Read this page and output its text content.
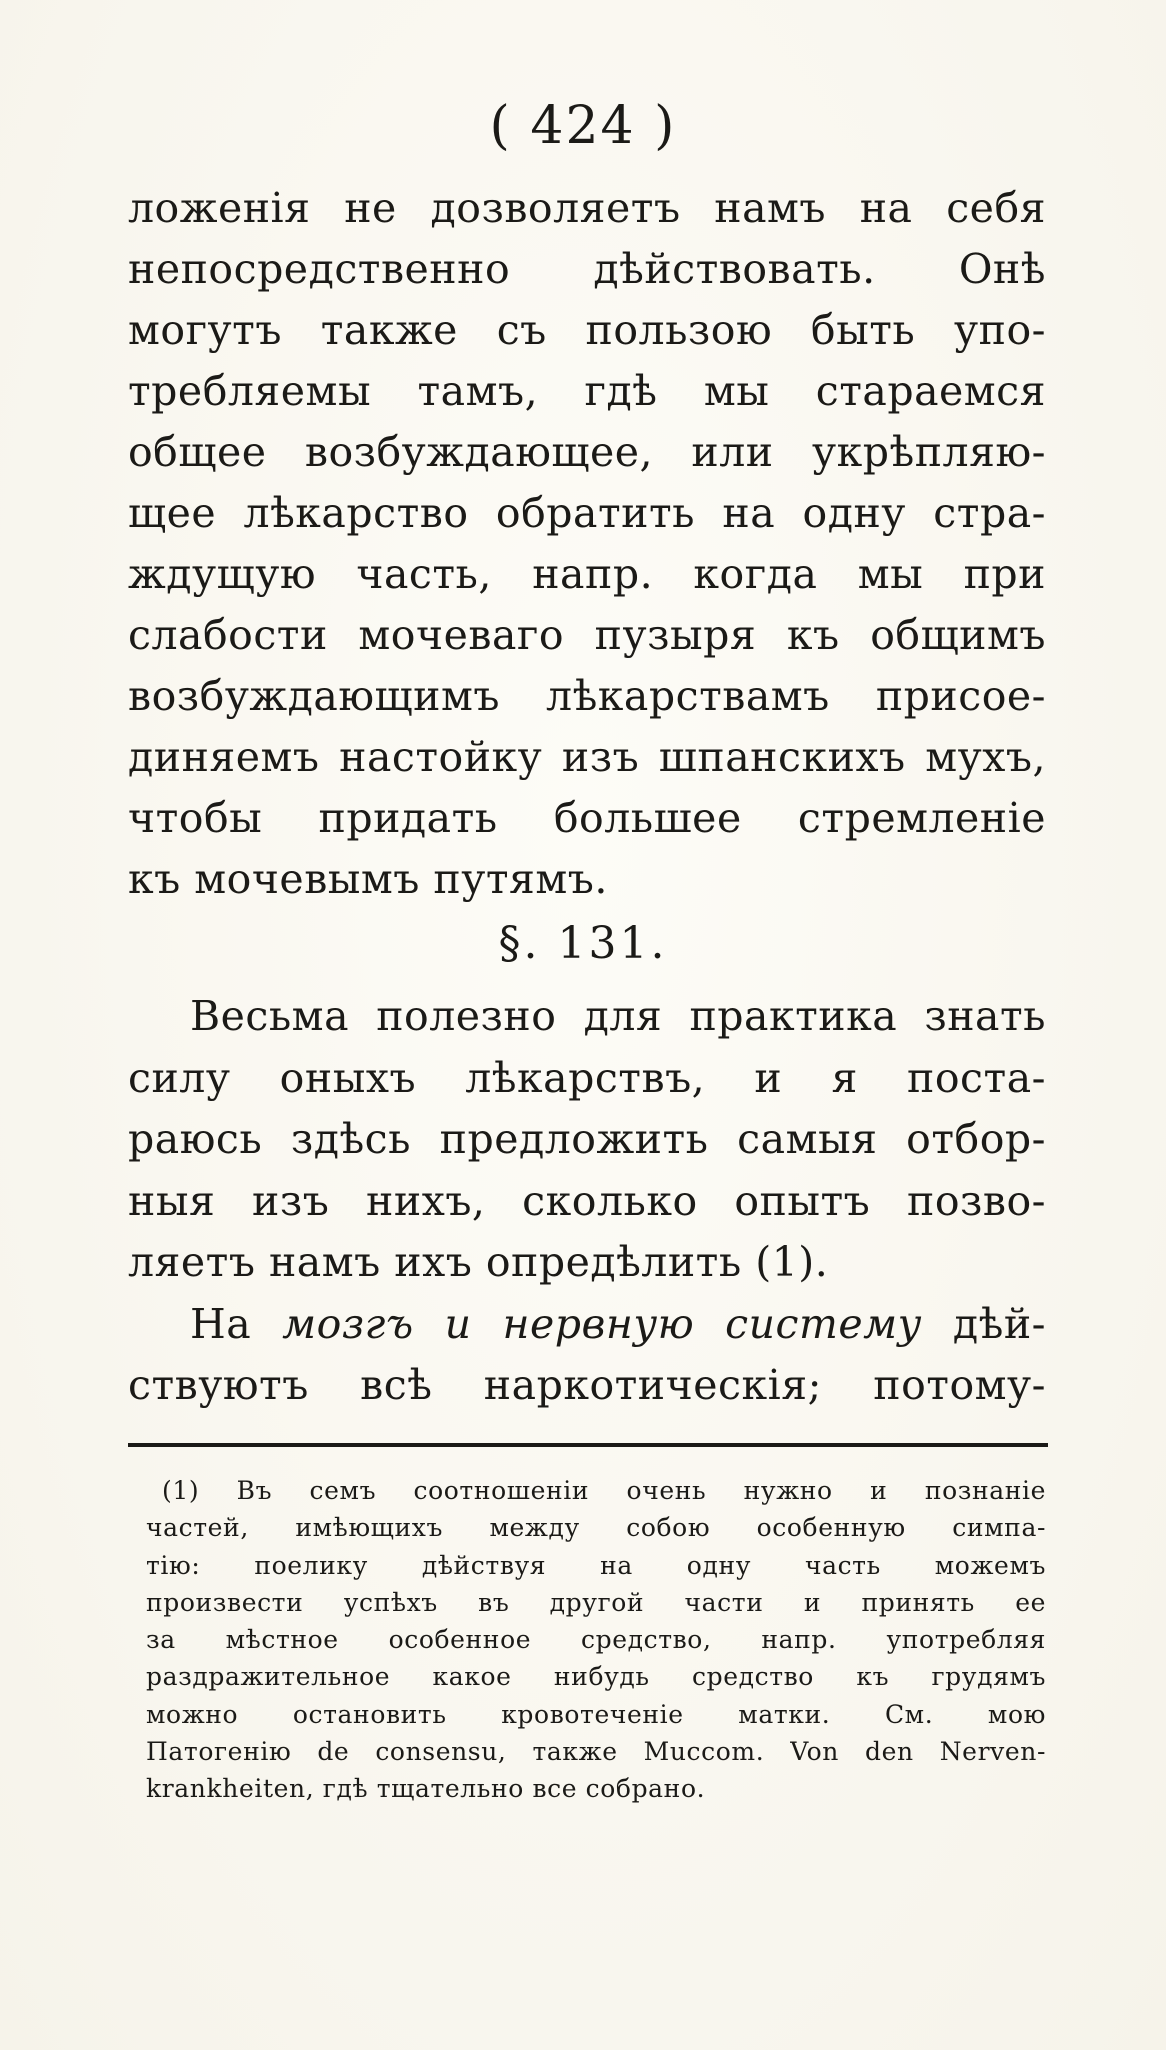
( 424 )
ложенія не дозволяетъ намъ на себя
непосредственно дѣйствовать. Онѣ
могутъ также съ пользою быть упо-
требляемы тамъ, гдѣ мы стараемся
общее возбуждающее, или укрѣпляю-
щее лѣкарство обратить на одну стра-
ждущую часть, напр. когда мы при
слабости мочеваго пузыря къ общимъ
возбуждающимъ лѣкарствамъ присое-
диняемъ настойку изъ шпанскихъ мухъ,
чтобы придать большее стремленіе
къ мочевымъ путямъ.
§. 131.
Весьма полезно для практика знать
силу оныхъ лѣкарствъ, и я поста-
раюсь здѣсь предложить самыя отбор-
ныя изъ нихъ, сколько опытъ позво-
ляетъ намъ ихъ опредѣлить (1).
На мозгъ и нервную систему дѣй-
ствуютъ всѣ наркотическія; потому-
(1) Въ семъ соотношеніи очень нужно и познаніе
частей, имѣющихъ между собою особенную симпа-
тію: поелику дѣйствуя на одну часть можемъ
произвести успѣхъ въ другой части и принять ее
за мѣстное особенное средство, напр. употребляя
раздражительное какое нибудь средство къ грудямъ
можно остановить кровотеченіе матки. См. мою
Патогенію de consensu, также Muccom. Von den Nerven-
krankheiten, гдѣ тщательно все собрано.
